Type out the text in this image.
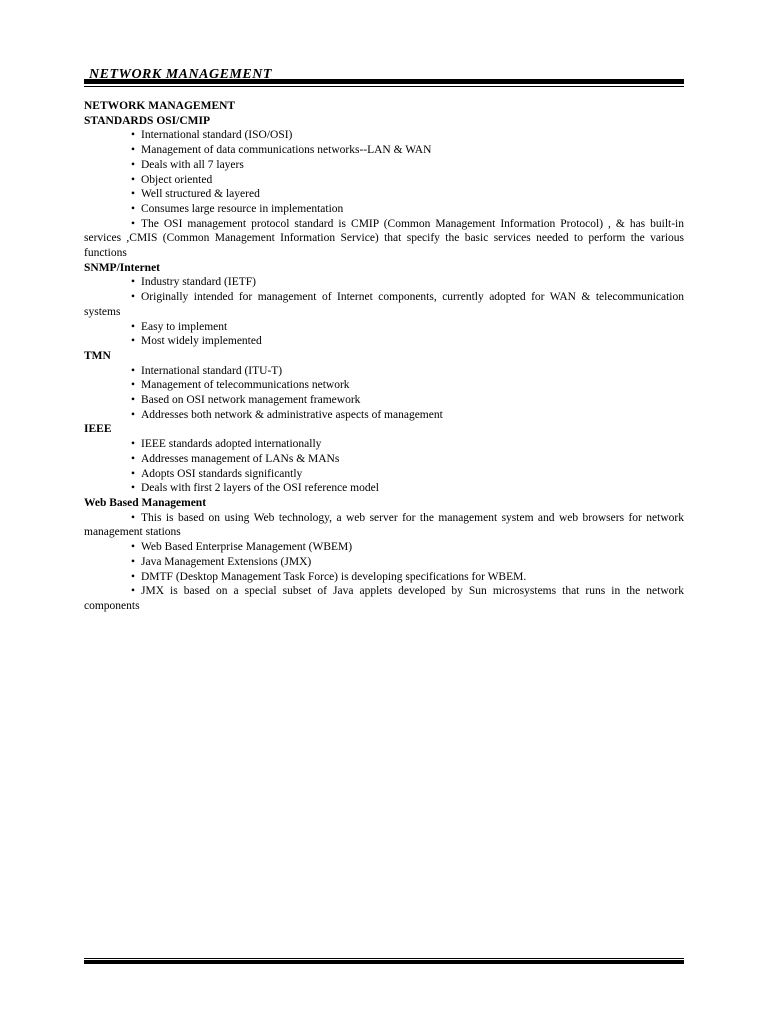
NETWORK MANAGEMENT
NETWORK MANAGEMENT
STANDARDS OSI/CMIP
• International standard (ISO/OSI)
• Management of data communications networks--LAN & WAN
• Deals with all 7 layers
• Object oriented
• Well structured & layered
• Consumes large resource in implementation
• The OSI management protocol standard is CMIP (Common Management Information Protocol) , & has built-in services ,CMIS (Common Management Information Service) that specify the basic services needed to perform the various functions
SNMP/Internet
• Industry standard (IETF)
• Originally intended for management of Internet components, currently adopted for WAN & telecommunication systems
• Easy to implement
• Most widely implemented
TMN
• International standard (ITU-T)
• Management of telecommunications network
• Based on OSI network management framework
• Addresses both network & administrative aspects of management
IEEE
• IEEE standards adopted internationally
• Addresses management of LANs & MANs
• Adopts OSI standards significantly
• Deals with first 2 layers of the OSI reference model
Web Based Management
• This is based on using Web technology, a web server for the management system and web browsers for network management stations
• Web Based Enterprise Management (WBEM)
• Java Management Extensions (JMX)
• DMTF (Desktop Management Task Force) is developing specifications for WBEM.
• JMX is based on a special subset of Java applets developed by Sun microsystems that runs in the network components
